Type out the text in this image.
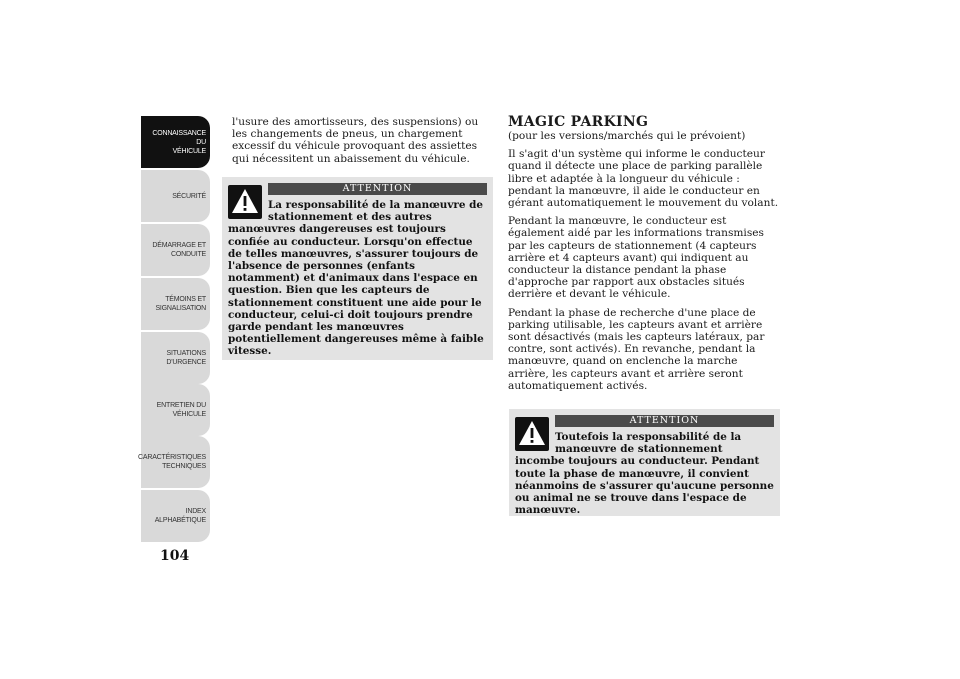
CONNAISSANCE DU
VÉHICULE
SÉCURITÉ
DÉMARRAGE ET
CONDUITE
TÉMOINS ET
SIGNALISATION
SITUATIONS
D'URGENCE
ENTRETIEN DU
VÉHICULE
CARACTÉRISTIQUES
TECHNIQUES
INDEX
ALPHABÉTIQUE
104

l'usure des amortisseurs, des suspensions) ou les changements de pneus, un chargement excessif du véhicule provoquant des assiettes qui nécessitent un abaissement du véhicule.

ATTENTION
La responsabilité de la manœuvre de stationnement et des autres manœuvres dangereuses est toujours confiée au conducteur. Lorsqu'on effectue de telles manœuvres, s'assurer toujours de l'absence de personnes (enfants notamment) et d'animaux dans l'espace en question. Bien que les capteurs de stationnement constituent une aide pour le conducteur, celui-ci doit toujours prendre garde pendant les manœuvres potentiellement dangereuses même à faible vitesse.
MAGIC PARKING

(pour les versions/marchés qui le prévoient)

Il s'agit d'un système qui informe le conducteur quand il détecte une place de parking parallèle libre et adaptée à la longueur du véhicule : pendant la manœuvre, il aide le conducteur en gérant automatiquement le mouvement du volant.

Pendant la manœuvre, le conducteur est également aidé par les informations transmises par les capteurs de stationnement (4 capteurs arrière et 4 capteurs avant) qui indiquent au conducteur la distance pendant la phase d'approche par rapport aux obstacles situés derrière et devant le véhicule.

Pendant la phase de recherche d'une place de parking utilisable, les capteurs avant et arrière sont désactivés (mais les capteurs latéraux, par contre, sont activés). En revanche, pendant la manœuvre, quand on enclenche la marche arrière, les capteurs avant et arrière seront automatiquement activés.

ATTENTION
Toutefois la responsabilité de la manœuvre de stationnement incombe toujours au conducteur. Pendant toute la phase de manœuvre, il convient néanmoins de s'assurer qu'aucune personne ou animal ne se trouve dans l'espace de manœuvre.
